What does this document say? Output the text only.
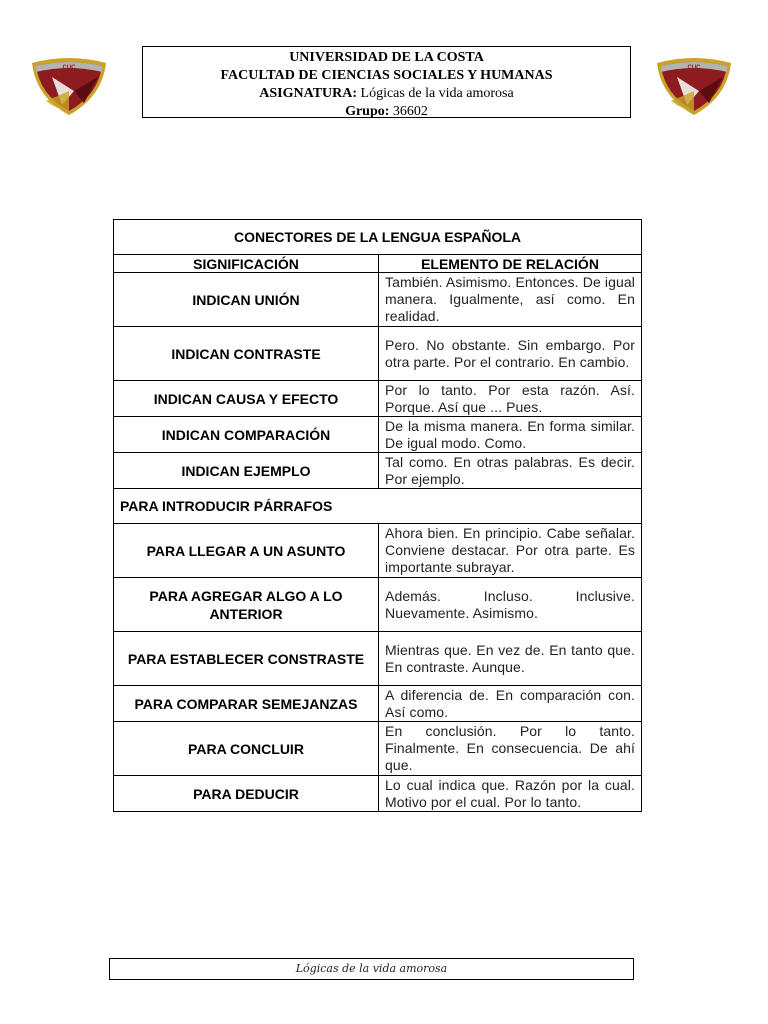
CUC	CUC
UNIVERSIDAD DE LA COSTA
FACULTAD DE CIENCIAS SOCIALES Y HUMANAS
ASIGNATURA: Lógicas de la vida amorosa
Grupo: 36602
CONECTORES DE LA LENGUA ESPAÑOLA	
SIGNIFICACIÓN	ELEMENTO DE RELACIÓN
INDICAN UNIÓN	También. Asimismo. Entonces. De igual manera. Igualmente, así como. En realidad.
INDICAN CONTRASTE	Pero. No obstante. Sin embargo. Por otra parte. Por el contrario. En cambio.
INDICAN CAUSA Y EFECTO	Por lo tanto. Por esta razón. Así. Porque. Así que ... Pues.
INDICAN COMPARACIÓN	De la misma manera. En forma similar. De igual modo. Como.
INDICAN EJEMPLO	Tal como. En otras palabras. Es decir. Por ejemplo.
PARA INTRODUCIR PÁRRAFOS	
PARA LLEGAR A UN ASUNTO	Ahora bien. En principio. Cabe señalar. Conviene destacar. Por otra parte. Es importante subrayar.
PARA AGREGAR ALGO A LO ANTERIOR	Además. Incluso. Inclusive. Nuevamente. Asimismo.
PARA ESTABLECER CONSTRASTE	Mientras que. En vez de. En tanto que. En contraste. Aunque.
PARA COMPARAR SEMEJANZAS	A diferencia de. En comparación con. Así como.
PARA CONCLUIR	En conclusión. Por lo tanto. Finalmente. En consecuencia. De ahí que.
PARA DEDUCIR	Lo cual indica que. Razón por la cual. Motivo por el cual. Por lo tanto.
Lógicas de la vida amorosa
